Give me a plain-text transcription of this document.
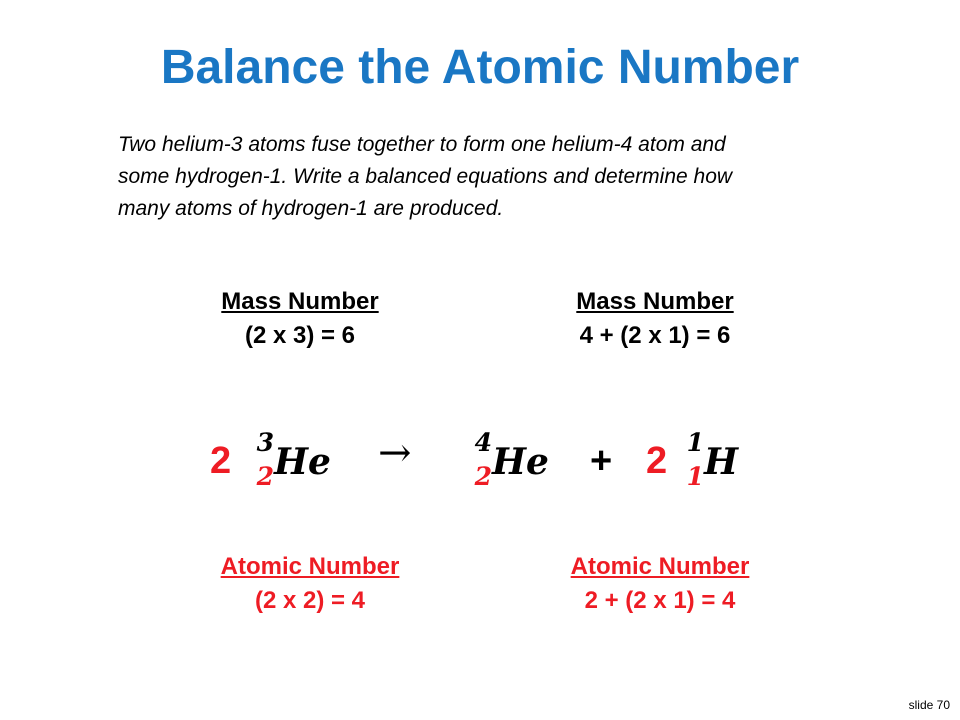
Balance the Atomic Number
Two helium-3 atoms fuse together to form one helium-4 atom and
some hydrogen-1. Write a balanced equations and determine how
many atoms of hydrogen-1 are produced.
Mass Number
(2 x 3) = 6
Mass Number
4 + (2 x 1) = 6
2	3
2 He →	4
2 He + 2 1
1 H
Atomic Number
(2 x 2) = 4
Atomic Number
2 + (2 x 1) = 4
slide 70
